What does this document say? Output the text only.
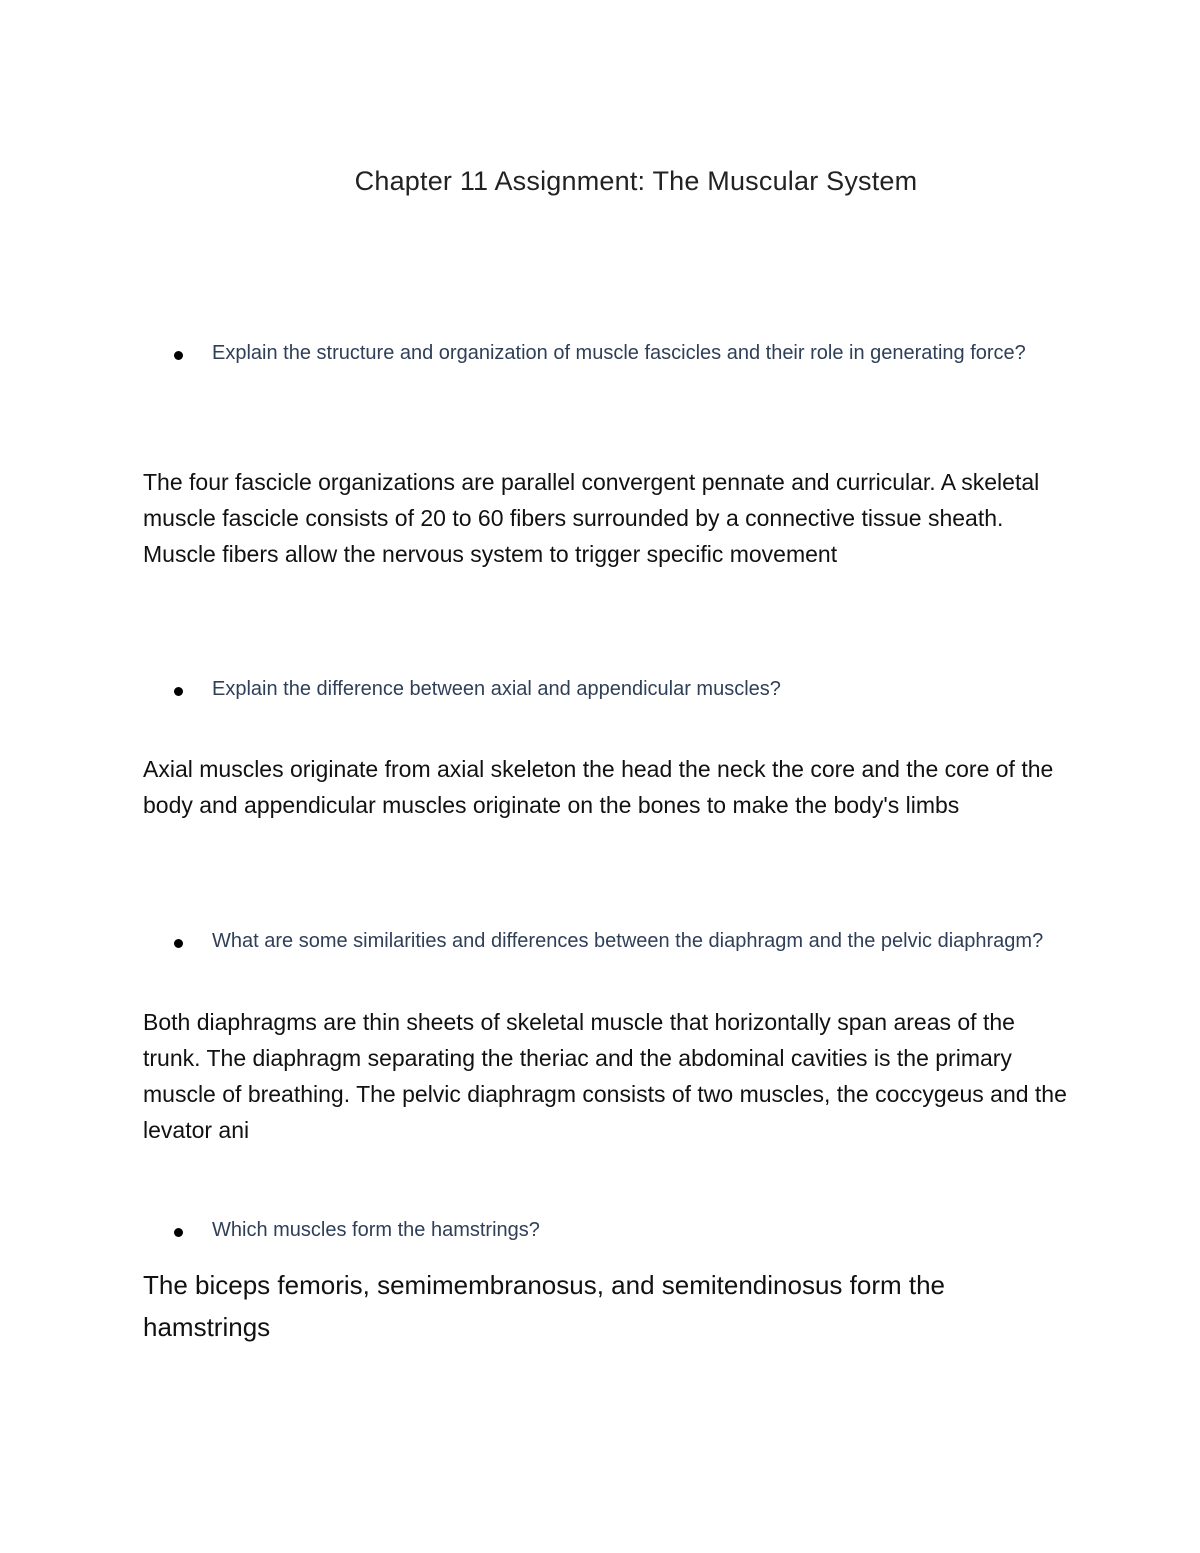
Chapter 11 Assignment: The Muscular System
Explain the structure and organization of muscle fascicles and their role in generating force?
The four fascicle organizations are parallel convergent pennate and curricular. A skeletal muscle fascicle consists of 20 to 60 fibers surrounded by a connective tissue sheath. Muscle fibers allow the nervous system to trigger specific movement
Explain the difference between axial and appendicular muscles?
Axial muscles originate from axial skeleton the head the neck the core and the core of the body and appendicular muscles originate on the bones to make the body's limbs
What are some similarities and differences between the diaphragm and the pelvic diaphragm?
Both diaphragms are thin sheets of skeletal muscle that horizontally span areas of the trunk. The diaphragm separating the theriac and the abdominal cavities is the primary muscle of breathing. The pelvic diaphragm consists of two muscles, the coccygeus and the levator ani
Which muscles form the hamstrings?
The biceps femoris, semimembranosus, and semitendinosus form the hamstrings
